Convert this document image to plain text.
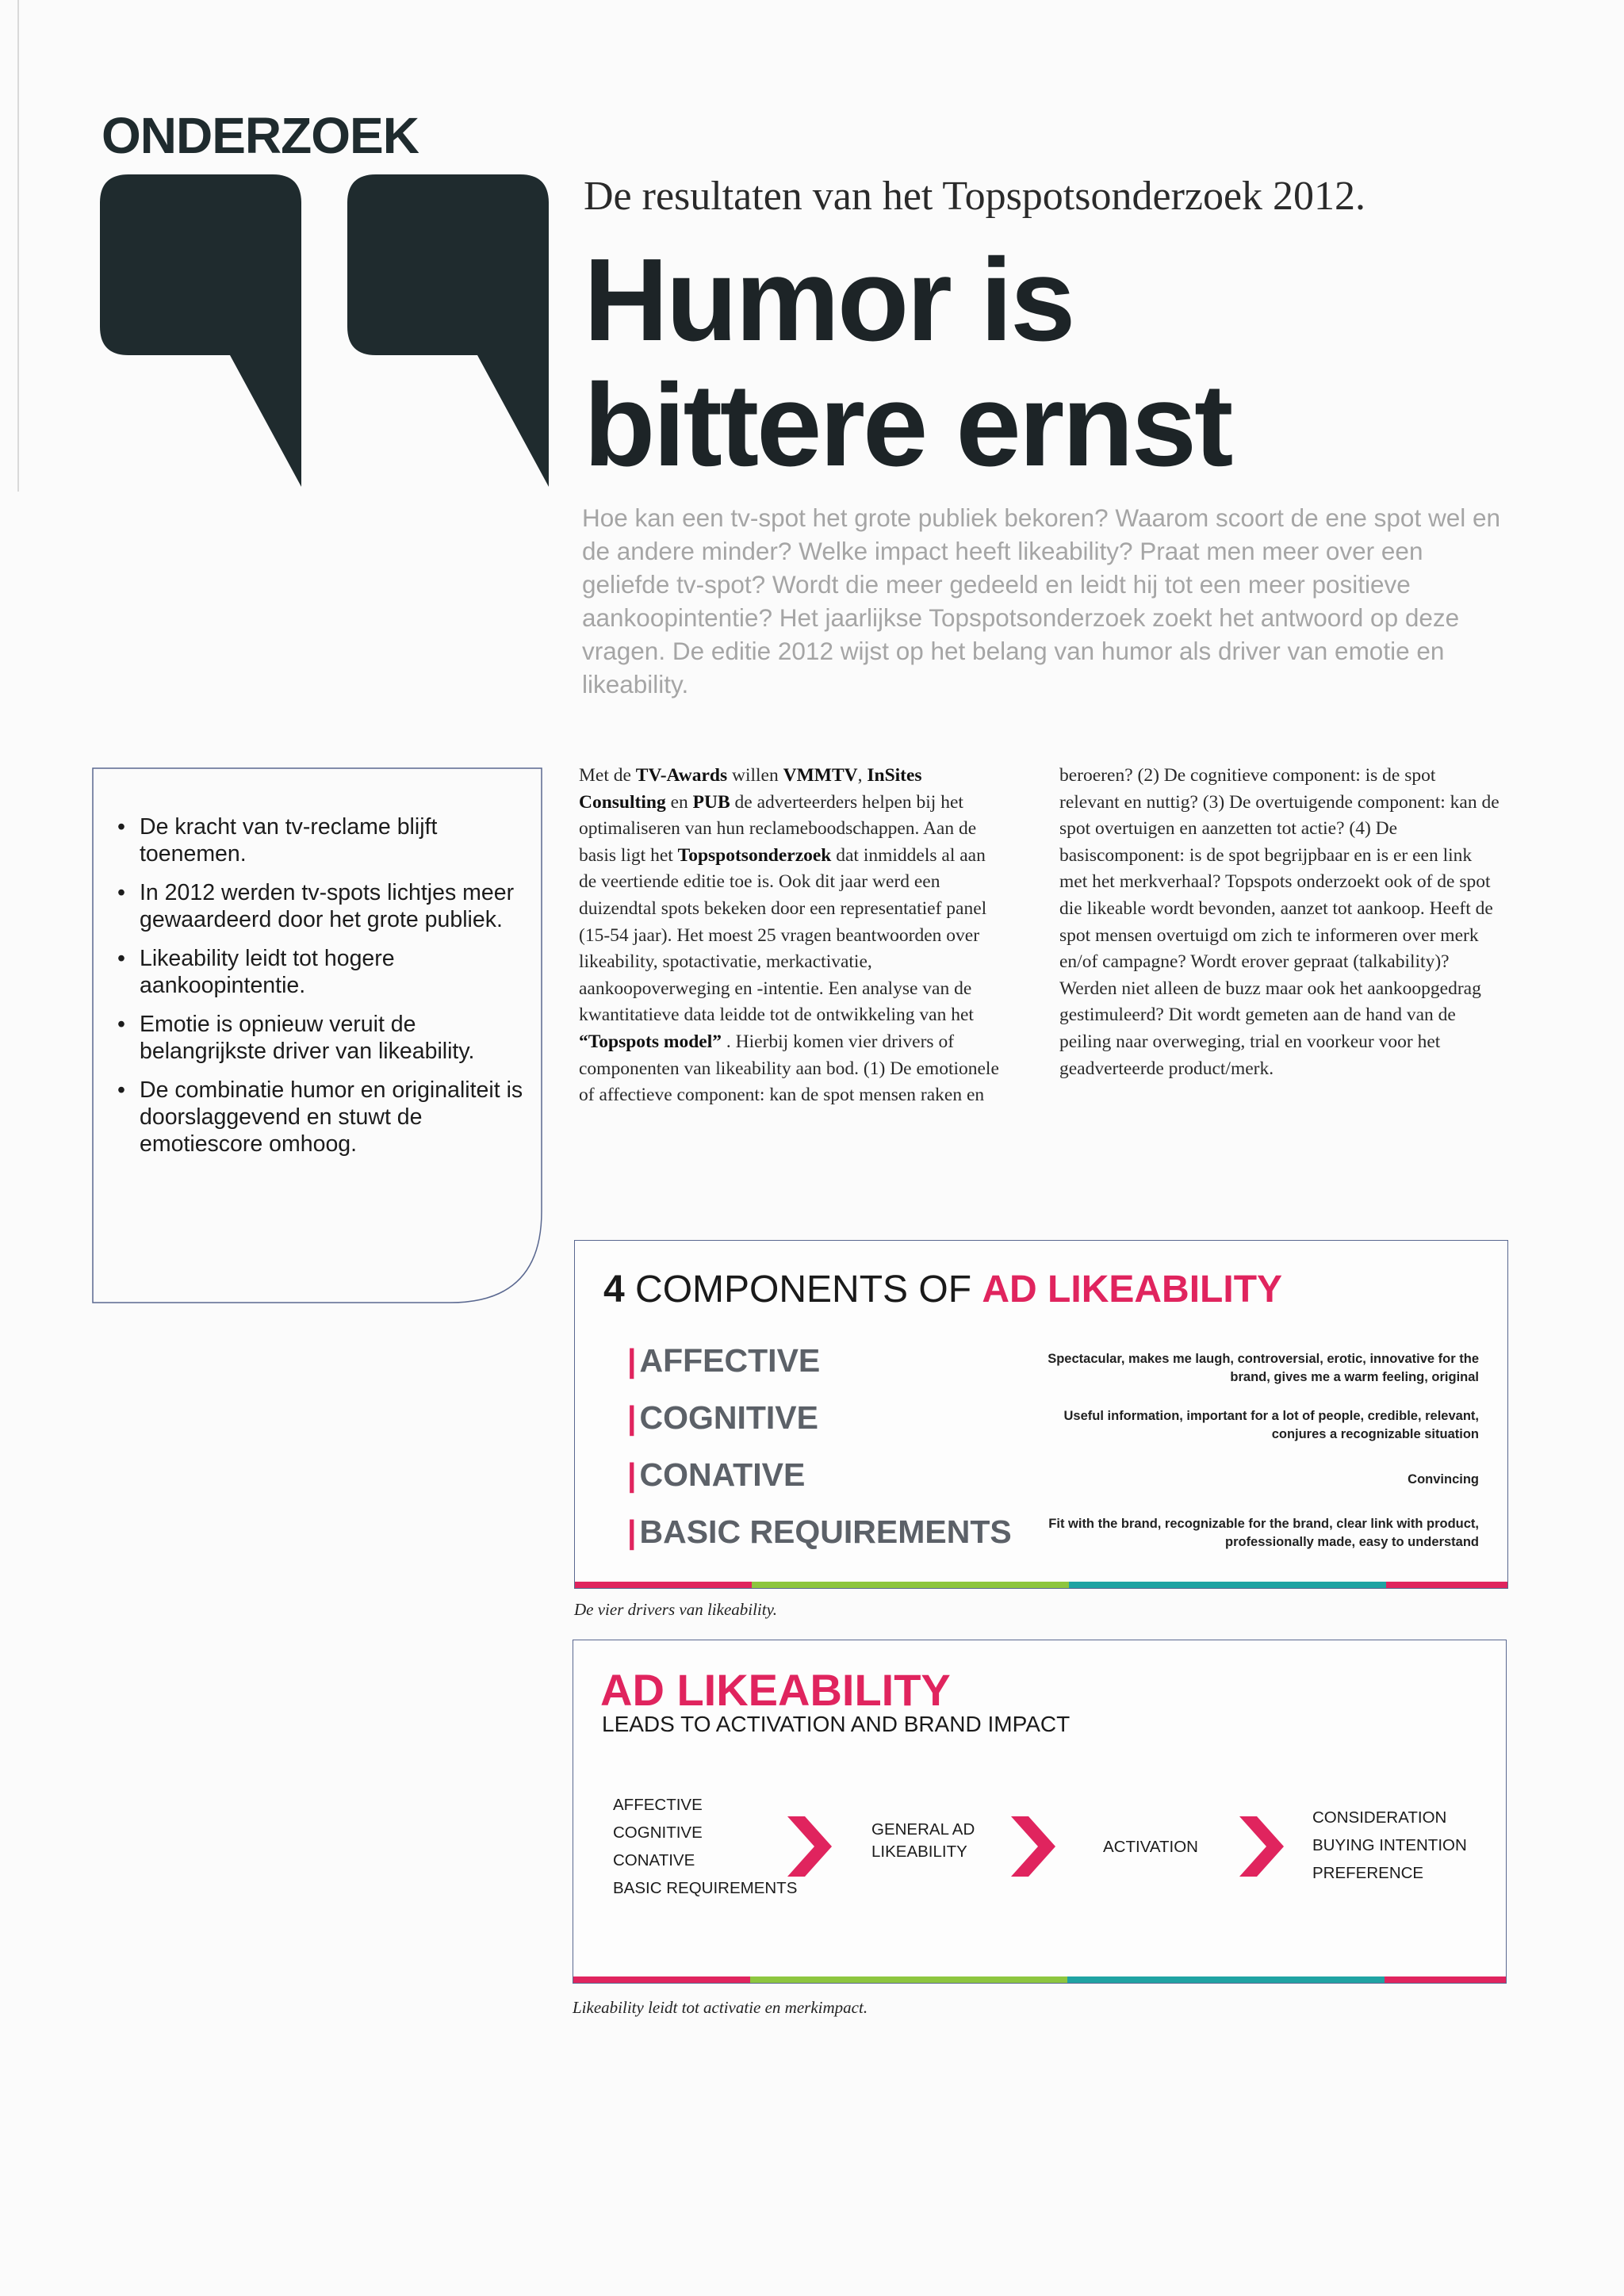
ONDERZOEK
De resultaten van het Topspotsonderzoek 2012.
Humor is
bittere ernst
Hoe kan een tv-spot het grote publiek bekoren? Waarom scoort de ene spot wel en de andere minder? Welke impact heeft likeability? Praat men meer over een geliefde tv-spot? Wordt die meer gedeeld en leidt hij tot een meer positieve aankoopintentie? Het jaarlijkse Topspotsonderzoek zoekt het antwoord op deze vragen. De editie 2012 wijst op het belang van humor als driver van emotie en likeability.
• De kracht van tv-reclame blijft toenemen.
• In 2012 werden tv-spots lichtjes meer gewaardeerd door het grote publiek.
• Likeability leidt tot hogere aankoopintentie.
• Emotie is opnieuw veruit de belangrijkste driver van likeability.
• De combinatie humor en originaliteit is doorslaggevend en stuwt de emotiescore omhoog.
Met de TV-Awards willen VMMTV, InSites Consulting en PUB de adverteerders helpen bij het optimaliseren van hun reclameboodschappen. Aan de basis ligt het Topspotsonderzoek dat inmiddels al aan de veertiende editie toe is. Ook dit jaar werd een duizendtal spots bekeken door een representatief panel (15-54 jaar). Het moest 25 vragen beantwoorden over likeability, spotactivatie, merkactivatie, aankoopoverweging en -intentie. Een analyse van de kwantitatieve data leidde tot de ontwikkeling van het “Topspots model” . Hierbij komen vier drivers of componenten van likeability aan bod. (1) De emotionele of affectieve component: kan de spot mensen raken en
beroeren? (2) De cognitieve component: is de spot relevant en nuttig? (3) De overtuigende component: kan de spot overtuigen en aanzetten tot actie? (4) De basiscomponent: is de spot begrijpbaar en is er een link met het merkverhaal? Topspots onderzoekt ook of de spot die likeable wordt bevonden, aanzet tot aankoop. Heeft de spot mensen overtuigd om zich te informeren over merk en/of campagne? Wordt erover gepraat (talkability)? Werden niet alleen de buzz maar ook het aankoopgedrag gestimuleerd? Dit wordt gemeten aan de hand van de peiling naar overweging, trial en voorkeur voor het geadverteerde product/merk.
4 COMPONENTS OF AD LIKEABILITY
|AFFECTIVE
|COGNITIVE
|CONATIVE
|BASIC REQUIREMENTS
Spectacular, makes me laugh, controversial, erotic, innovative for the brand, gives me a warm feeling, original
Useful information, important for a lot of people, credible, relevant, conjures a recognizable situation
Convincing
Fit with the brand, recognizable for the brand, clear link with product, professionally made, easy to understand
De vier drivers van likeability.
AD LIKEABILITY
LEADS TO ACTIVATION AND BRAND IMPACT
AFFECTIVE
COGNITIVE
CONATIVE
BASIC REQUIREMENTS
GENERAL AD
LIKEABILITY	ACTIVATION
CONSIDERATION
BUYING INTENTION
PREFERENCE
Likeability leidt tot activatie en merkimpact.
